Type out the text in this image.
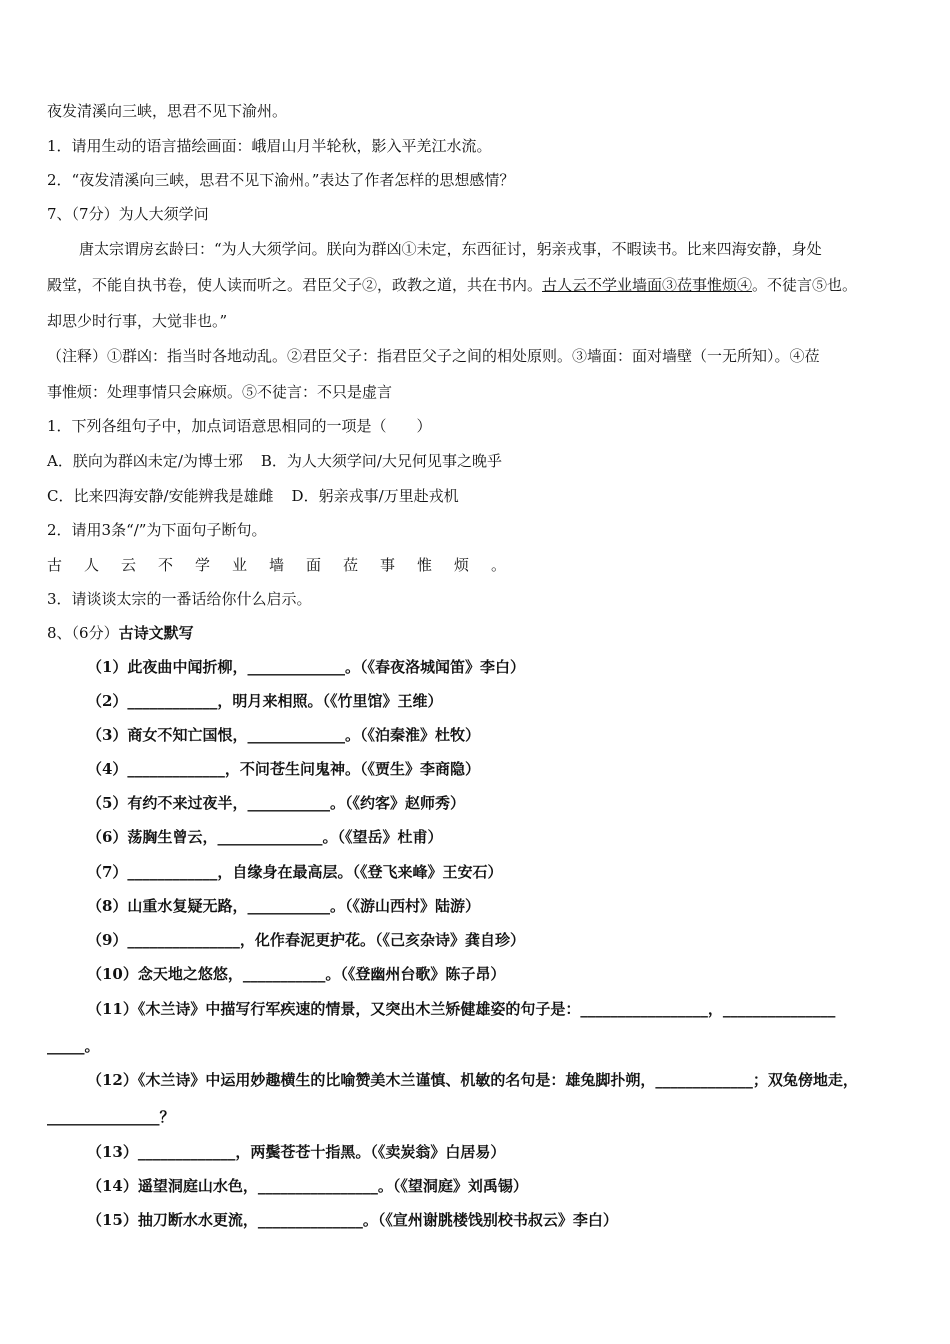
夜发清溪向三峡，思君不见下渝州。
1．请用生动的语言描绘画面：峨眉山月半轮秋，影入平羌江水流。
2．“夜发清溪向三峡，思君不见下渝州。”表达了作者怎样的思想感情？
7、（7分）为人大须学问
唐太宗谓房玄龄曰：“为人大须学问。朕向为群凶①未定，东西征讨，躬亲戎事，不暇读书。比来四海安静，身处
殿堂，不能自执书卷，使人读而听之。君臣父子②，政教之道，共在书内。古人云不学业墙面③莅事惟烦④。不徒言⑤也。
却思少时行事，大觉非也。”
（注释）①群凶：指当时各地动乱。②君臣父子：指君臣父子之间的相处原则。③墙面：面对墙壁（一无所知）。④莅
事惟烦：处理事情只会麻烦。⑤不徒言：不只是虚言
1．下列各组句子中，加点词语意思相同的一项是（　　）
A．朕向为群凶未定/为博士邪 B．为人大须学问/大兄何见事之晚乎
C．比来四海安静/安能辨我是雄雌 D．躬亲戎事/万里赴戎机
2．请用3条“/”为下面句子断句。
古人云不学业墙面莅事惟烦。
3．请谈谈太宗的一番话给你什么启示。
8、（6分）古诗文默写
（1）此夜曲中闻折柳，_____________。（《春夜洛城闻笛》李白）
（2）____________，明月来相照。（《竹里馆》王维）
（3）商女不知亡国恨，_____________。（《泊秦淮》杜牧）
（4）_____________，不问苍生问鬼神。（《贾生》李商隐）
（5）有约不来过夜半，___________。（《约客》赵师秀）
（6）荡胸生曾云，______________。（《望岳》杜甫）
（7）____________，自缘身在最高层。（《登飞来峰》王安石）
（8）山重水复疑无路，___________。（《游山西村》陆游）
（9）_______________，化作春泥更护花。（《己亥杂诗》龚自珍）
（10）念天地之悠悠，___________。（《登幽州台歌》陈子昂）
（11）《木兰诗》中描写行军疾速的情景，又突出木兰矫健雄姿的句子是：_________________，_______________
_____。
（12）《木兰诗》中运用妙趣横生的比喻赞美木兰谨慎、机敏的名句是：雄兔脚扑朔，_____________；双兔傍地走，
_______________？
（13）_____________，两鬓苍苍十指黑。（《卖炭翁》白居易）
（14）遥望洞庭山水色，________________。（《望洞庭》刘禹锡）
（15）抽刀断水水更流，______________。（《宣州谢朓楼饯别校书叔云》李白）
